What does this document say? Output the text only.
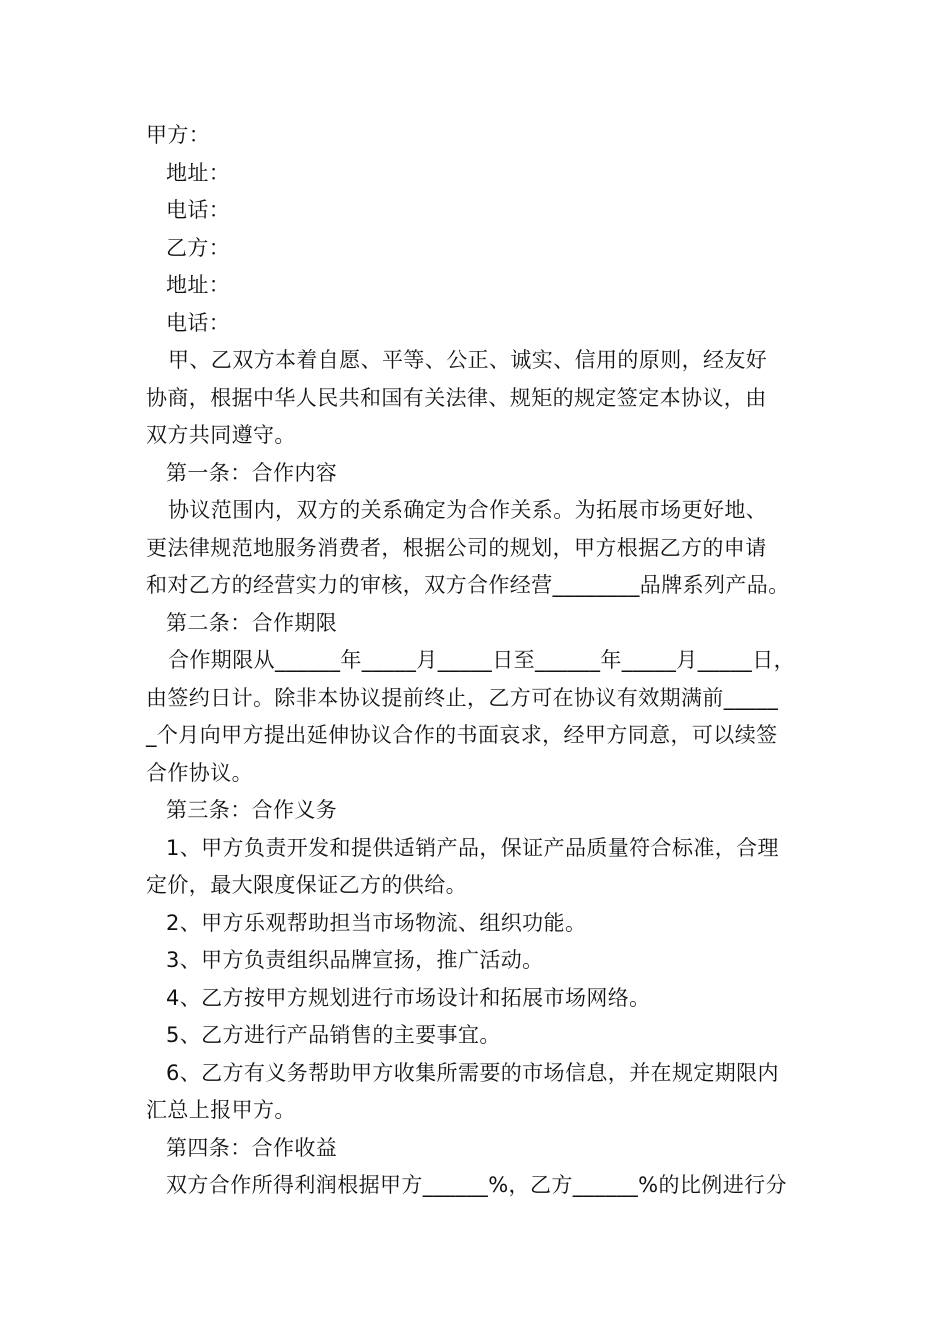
甲方：
地址：
电话：
乙方：
地址：
电话：
甲、乙双方本着自愿、平等、公正、诚实、信用的原则，经友好
协商，根据中华人民共和国有关法律、规矩的规定签定本协议，由
双方共同遵守。
第一条：合作内容
协议范围内，双方的关系确定为合作关系。为拓展市场更好地、
更法律规范地服务消费者，根据公司的规划，甲方根据乙方的申请
和对乙方的经营实力的审核，双方合作经营________品牌系列产品。
第二条：合作期限
合作期限从______年_____月_____日至______年_____月_____日，
由签约日计。除非本协议提前终止，乙方可在协议有效期满前_____
_个月向甲方提出延伸协议合作的书面哀求，经甲方同意，可以续签
合作协议。
第三条：合作义务
1、甲方负责开发和提供适销产品，保证产品质量符合标准，合理
定价，最大限度保证乙方的供给。
2、甲方乐观帮助担当市场物流、组织功能。
3、甲方负责组织品牌宣扬，推广活动。
4、乙方按甲方规划进行市场设计和拓展市场网络。
5、乙方进行产品销售的主要事宜。
6、乙方有义务帮助甲方收集所需要的市场信息，并在规定期限内
汇总上报甲方。
第四条：合作收益
双方合作所得利润根据甲方______%，乙方______%的比例进行分
